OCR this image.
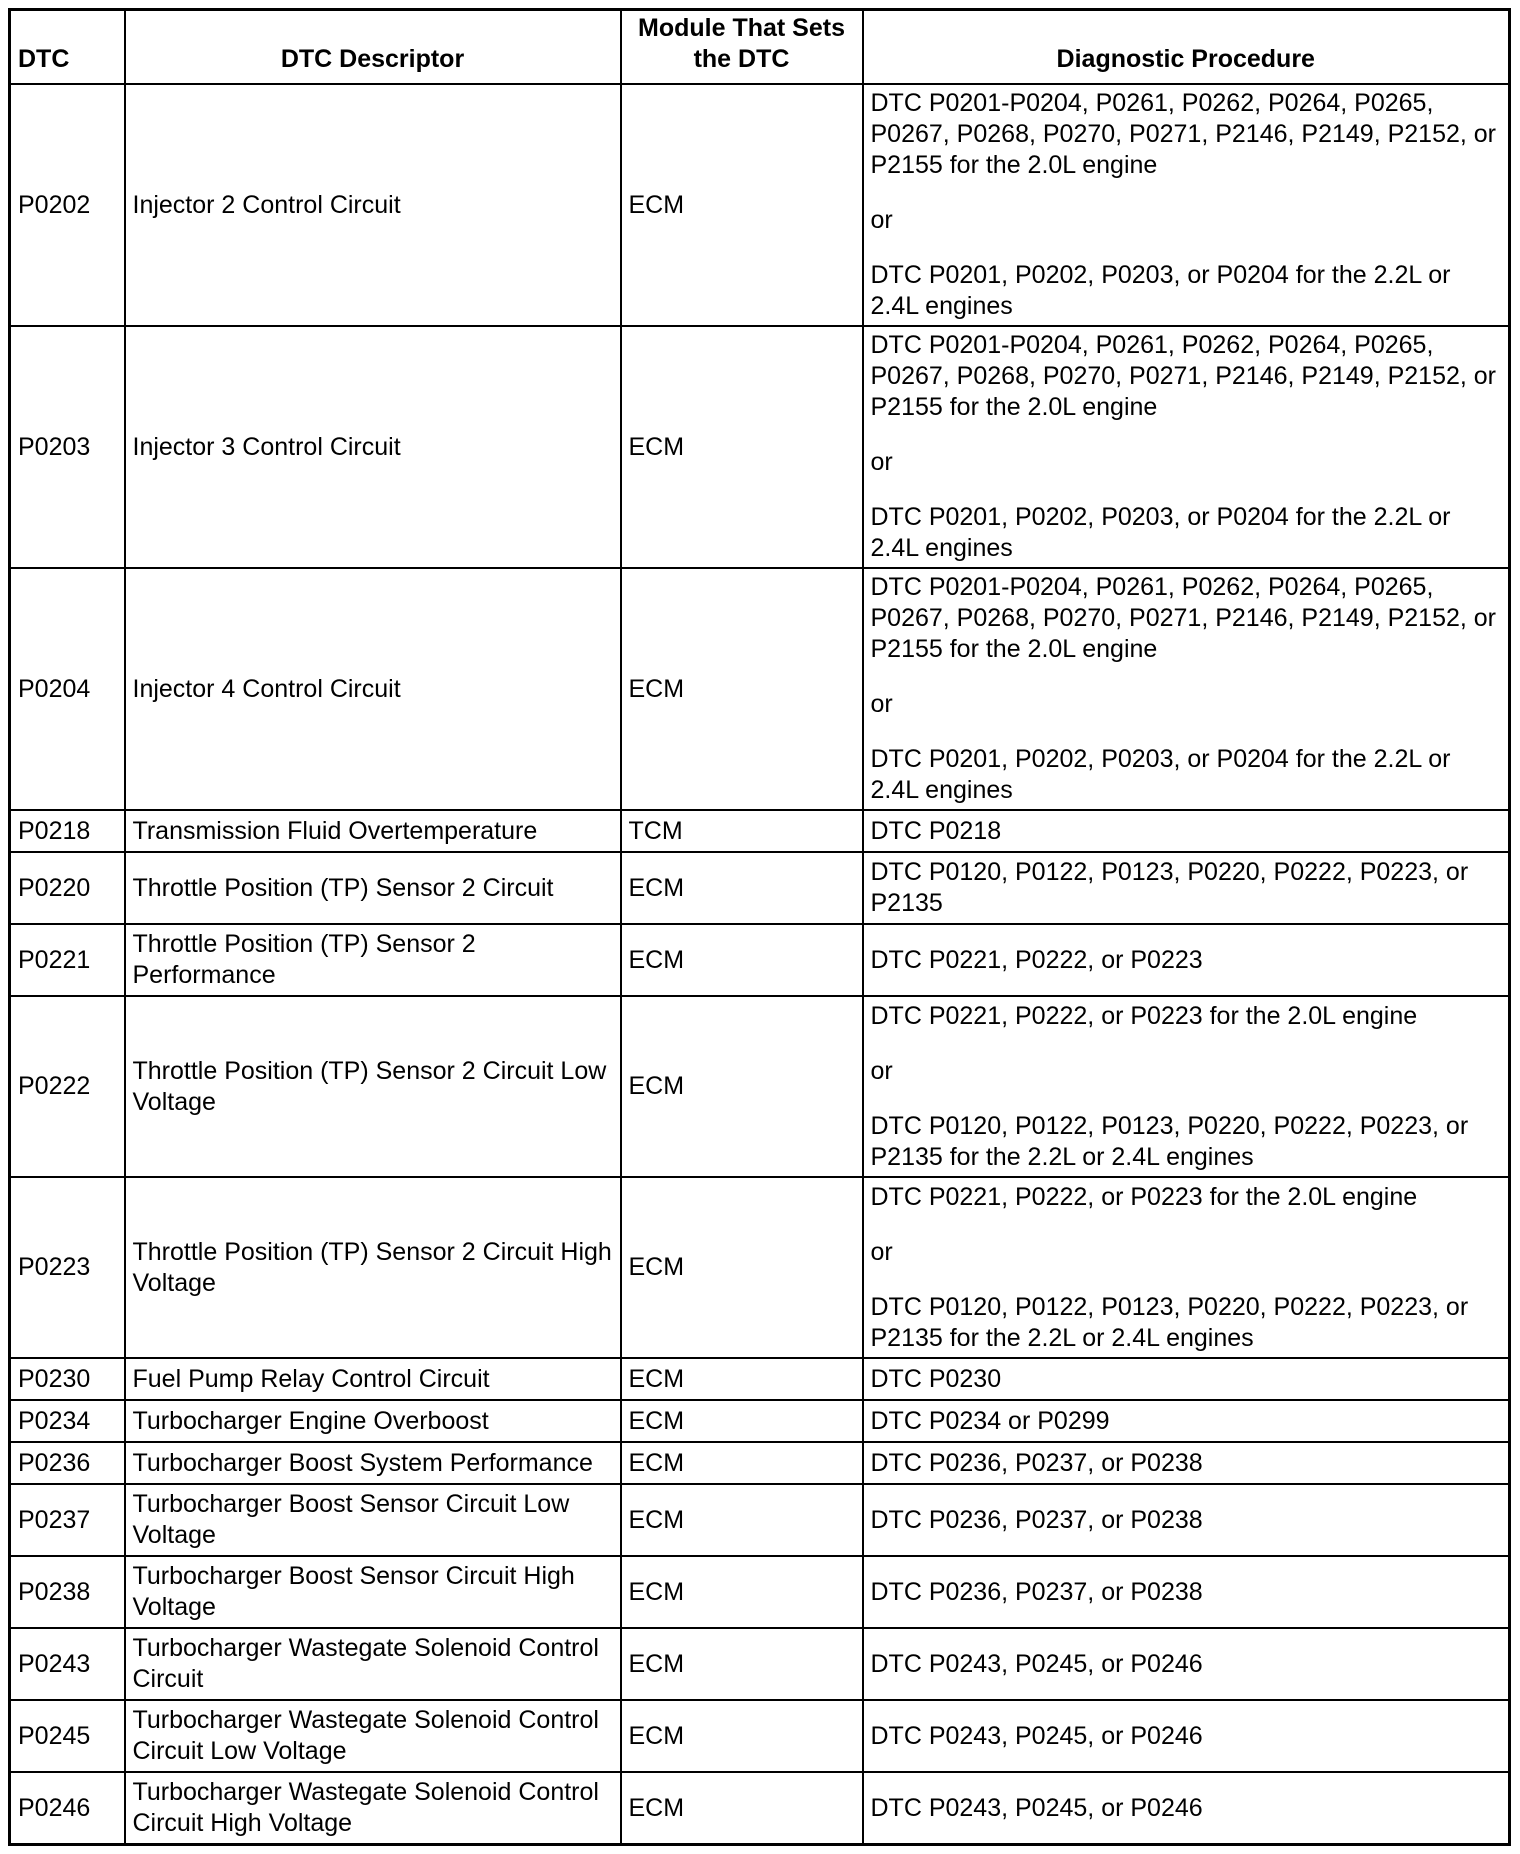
DTC	DTC Descriptor	Module That Sets the DTC	Diagnostic Procedure
P0202	Injector 2 Control Circuit	ECM	DTC P0201-P0204, P0261, P0262, P0264, P0265, P0267, P0268, P0270, P0271, P2146, P2149, P2152, or P2155 for the 2.0L engine
or
DTC P0201, P0202, P0203, or P0204 for the 2.2L or 2.4L engines

P0203	Injector 3 Control Circuit	ECM	DTC P0201-P0204, P0261, P0262, P0264, P0265, P0267, P0268, P0270, P0271, P2146, P2149, P2152, or P2155 for the 2.0L engine
or
DTC P0201, P0202, P0203, or P0204 for the 2.2L or 2.4L engines

P0204	Injector 4 Control Circuit	ECM	DTC P0201-P0204, P0261, P0262, P0264, P0265, P0267, P0268, P0270, P0271, P2146, P2149, P2152, or P2155 for the 2.0L engine
or
DTC P0201, P0202, P0203, or P0204 for the 2.2L or 2.4L engines

P0218	Transmission Fluid Overtemperature	TCM	DTC P0218

P0220	Throttle Position (TP) Sensor 2 Circuit	ECM	DTC P0120, P0122, P0123, P0220, P0222, P0223, or P2135

P0221	Throttle Position (TP) Sensor 2 Performance	ECM	DTC P0221, P0222, or P0223

P0222	Throttle Position (TP) Sensor 2 Circuit Low Voltage	ECM	DTC P0221, P0222, or P0223 for the 2.0L engine
or
DTC P0120, P0122, P0123, P0220, P0222, P0223, or P2135 for the 2.2L or 2.4L engines

P0223	Throttle Position (TP) Sensor 2 Circuit High Voltage	ECM	DTC P0221, P0222, or P0223 for the 2.0L engine
or
DTC P0120, P0122, P0123, P0220, P0222, P0223, or P2135 for the 2.2L or 2.4L engines

P0230	Fuel Pump Relay Control Circuit	ECM	DTC P0230

P0234	Turbocharger Engine Overboost	ECM	DTC P0234 or P0299

P0236	Turbocharger Boost System Performance	ECM	DTC P0236, P0237, or P0238

P0237	Turbocharger Boost Sensor Circuit Low Voltage	ECM	DTC P0236, P0237, or P0238

P0238	Turbocharger Boost Sensor Circuit High Voltage	ECM	DTC P0236, P0237, or P0238

P0243	Turbocharger Wastegate Solenoid Control Circuit	ECM	DTC P0243, P0245, or P0246

P0245	Turbocharger Wastegate Solenoid Control Circuit Low Voltage	ECM	DTC P0243, P0245, or P0246

P0246	Turbocharger Wastegate Solenoid Control Circuit High Voltage	ECM	DTC P0243, P0245, or P0246
